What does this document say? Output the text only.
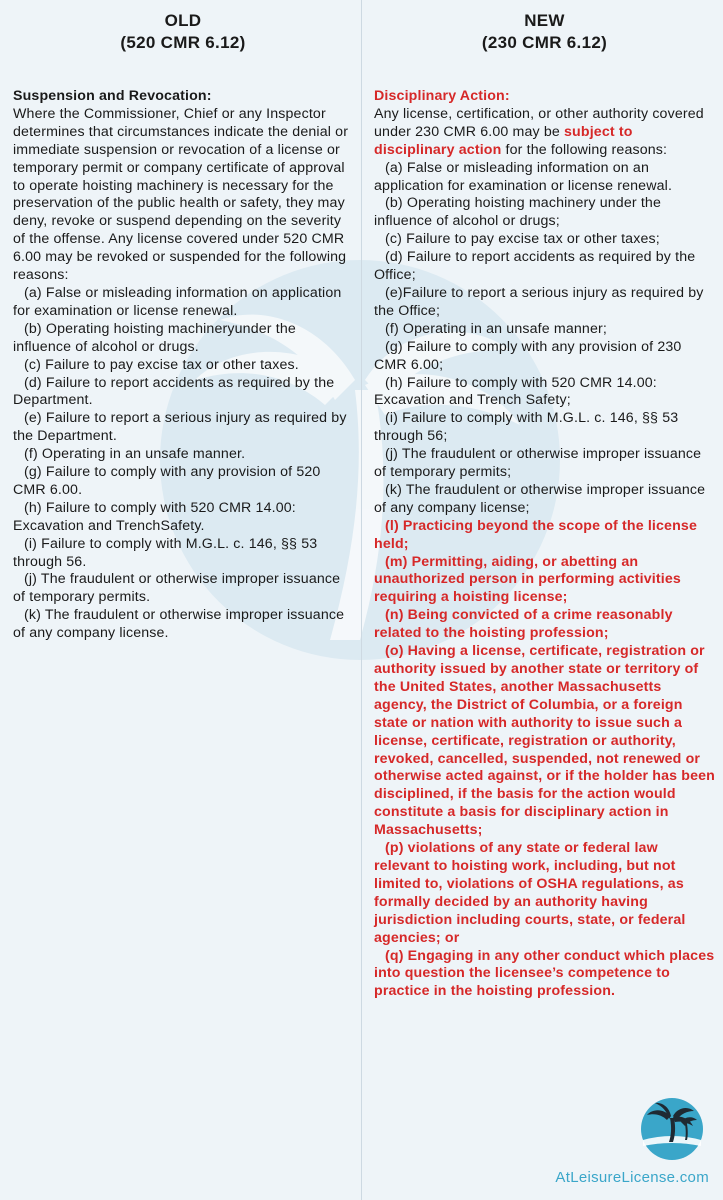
OLD
(520 CMR 6.12)
Suspension and Revocation:

Where the Commissioner, Chief or any Inspector determines that circumstances indicate the denial or immediate suspension or revocation of a license or temporary permit or company certificate of approval to operate hoisting machinery is necessary for the preservation of the public health or safety, they may deny, revoke or suspend depending on the severity of the offense. Any license covered under 520 CMR 6.00 may be revoked or suspended for the following reasons:

(a) False or misleading information on application for examination or license renewal.

(b) Operating hoisting machineryunder the influence of alcohol or drugs.

(c) Failure to pay excise tax or other taxes.

(d) Failure to report accidents as required by the Department.

(e) Failure to report a serious injury as required by the Department.

(f) Operating in an unsafe manner.

(g) Failure to comply with any provision of 520 CMR 6.00.

(h) Failure to comply with 520 CMR 14.00: Excavation and TrenchSafety.

(i) Failure to comply with M.G.L. c. 146, §§ 53 through 56.

(j) The fraudulent or otherwise improper issuance of temporary permits.

(k) The fraudulent or otherwise improper issuance of any company license.

NEW
(230 CMR 6.12)
Disciplinary Action:

Any license, certification, or other authority covered under 230 CMR 6.00 may be subject to disciplinary action for the following reasons:

(a) False or misleading information on an application for examination or license renewal.

(b) Operating hoisting machinery under the influence of alcohol or drugs;

(c) Failure to pay excise tax or other taxes;

(d) Failure to report accidents as required by the Office;

(e)Failure to report a serious injury as required by the Office;

(f) Operating in an unsafe manner;

(g) Failure to comply with any provision of 230 CMR 6.00;

(h) Failure to comply with 520 CMR 14.00: Excavation and Trench Safety;

(i) Failure to comply with M.G.L. c. 146, §§ 53 through 56;

(j) The fraudulent or otherwise improper issuance of temporary permits;

(k) The fraudulent or otherwise improper issuance of any company license;

(l) Practicing beyond the scope of the license held;

(m) Permitting, aiding, or abetting an unauthorized person in performing activities requiring a hoisting license;

(n) Being convicted of a crime reasonably related to the hoisting profession;

(o) Having a license, certificate, registration or authority issued by another state or territory of the United States, another Massachusetts agency, the District of Columbia, or a foreign state or nation with authority to issue such a license, certificate, registration or authority, revoked, cancelled, suspended, not renewed or otherwise acted against, or if the holder has been disciplined, if the basis for the action would constitute a basis for disciplinary action in Massachusetts;

(p) violations of any state or federal law relevant to hoisting work, including, but not limited to, violations of OSHA regulations, as formally decided by an authority having jurisdiction including courts, state, or federal agencies; or

(q) Engaging in any other conduct which places into question the licensee’s competence to practice in the hoisting profession.

AtLeisureLicense.com
